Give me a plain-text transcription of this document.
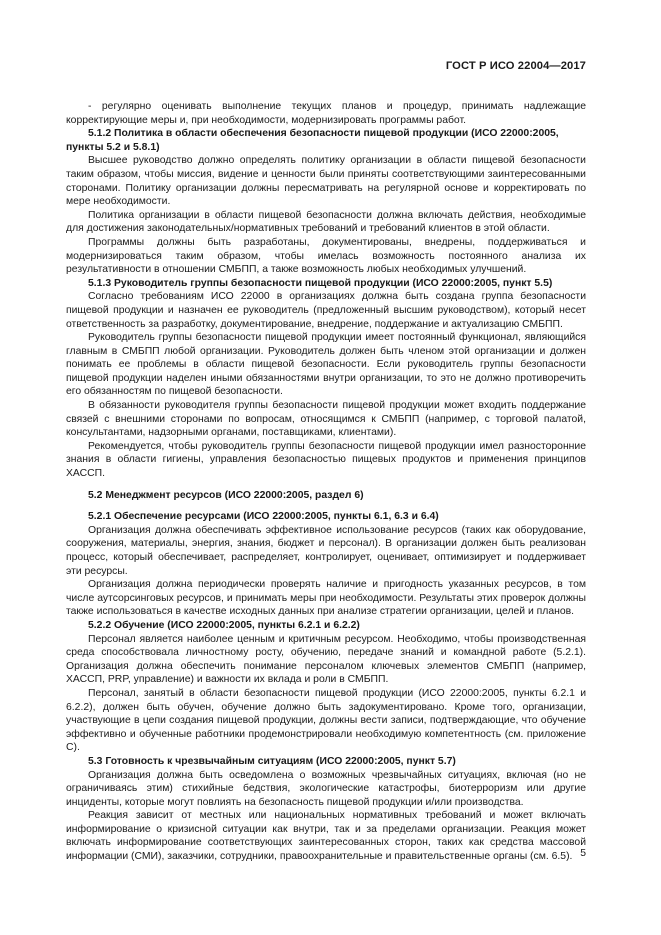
ГОСТ Р ИСО 22004—2017

- регулярно оценивать выполнение текущих планов и процедур, принимать надлежащие корректирующие меры и, при необходимости, модернизировать программы работ.

5.1.2 Политика в области обеспечения безопасности пищевой продукции (ИСО 22000:2005, пункты 5.2 и 5.8.1)

Высшее руководство должно определять политику организации в области пищевой безопасности таким образом, чтобы миссия, видение и ценности были приняты соответствующими заинтересованными сторонами. Политику организации должны пересматривать на регулярной основе и корректировать по мере необходимости.

Политика организации в области пищевой безопасности должна включать действия, необходимые для достижения законодательных/нормативных требований и требований клиентов в этой области.

Программы должны быть разработаны, документированы, внедрены, поддерживаться и модернизироваться таким образом, чтобы имелась возможность постоянного анализа их результативности в отношении СМБПП, а также возможность любых необходимых улучшений.

5.1.3 Руководитель группы безопасности пищевой продукции (ИСО 22000:2005, пункт 5.5)

Согласно требованиям ИСО 22000 в организациях должна быть создана группа безопасности пищевой продукции и назначен ее руководитель (предложенный высшим руководством), который несет ответственность за разработку, документирование, внедрение, поддержание и актуализацию СМБПП.

Руководитель группы безопасности пищевой продукции имеет постоянный функционал, являющийся главным в СМБПП любой организации. Руководитель должен быть членом этой организации и должен понимать ее проблемы в области пищевой безопасности. Если руководитель группы безопасности пищевой продукции наделен иными обязанностями внутри организации, то это не должно противоречить его обязанностям по пищевой безопасности.

В обязанности руководителя группы безопасности пищевой продукции может входить поддержание связей с внешними сторонами по вопросам, относящимся к СМБПП (например, с торговой палатой, консультантами, надзорными органами, поставщиками, клиентами).

Рекомендуется, чтобы руководитель группы безопасности пищевой продукции имел разносторонние знания в области гигиены, управления безопасностью пищевых продуктов и применения принципов ХАССП.

5.2 Менеджмент ресурсов (ИСО 22000:2005, раздел 6)
5.2.1 Обеспечение ресурсами (ИСО 22000:2005, пункты 6.1, 6.3 и 6.4)

Организация должна обеспечивать эффективное использование ресурсов (таких как оборудование, сооружения, материалы, энергия, знания, бюджет и персонал). В организации должен быть реализован процесс, который обеспечивает, распределяет, контролирует, оценивает, оптимизирует и поддерживает эти ресурсы.

Организация должна периодически проверять наличие и пригодность указанных ресурсов, в том числе аутсорсинговых ресурсов, и принимать меры при необходимости. Результаты этих проверок должны также использоваться в качестве исходных данных при анализе стратегии организации, целей и планов.

5.2.2 Обучение (ИСО 22000:2005, пункты 6.2.1 и 6.2.2)

Персонал является наиболее ценным и критичным ресурсом. Необходимо, чтобы производственная среда способствовала личностному росту, обучению, передаче знаний и командной работе (5.2.1). Организация должна обеспечить понимание персоналом ключевых элементов СМБПП (например, ХАССП, PRP, управление) и важности их вклада и роли в СМБПП.

Персонал, занятый в области безопасности пищевой продукции (ИСО 22000:2005, пункты 6.2.1 и 6.2.2), должен быть обучен, обучение должно быть задокументировано. Кроме того, организации, участвующие в цепи создания пищевой продукции, должны вести записи, подтверждающие, что обучение эффективно и обученные работники продемонстрировали необходимую компетентность (см. приложение С).

5.3 Готовность к чрезвычайным ситуациям (ИСО 22000:2005, пункт 5.7)

Организация должна быть осведомлена о возможных чрезвычайных ситуациях, включая (но не ограничиваясь этим) стихийные бедствия, экологические катастрофы, биотерроризм или другие инциденты, которые могут повлиять на безопасность пищевой продукции и/или производства.

Реакция зависит от местных или национальных нормативных требований и может включать информирование о кризисной ситуации как внутри, так и за пределами организации. Реакция может включать информирование соответствующих заинтересованных сторон, таких как средства массовой информации (СМИ), заказчики, сотрудники, правоохранительные и правительственные органы (см. 6.5). 5
